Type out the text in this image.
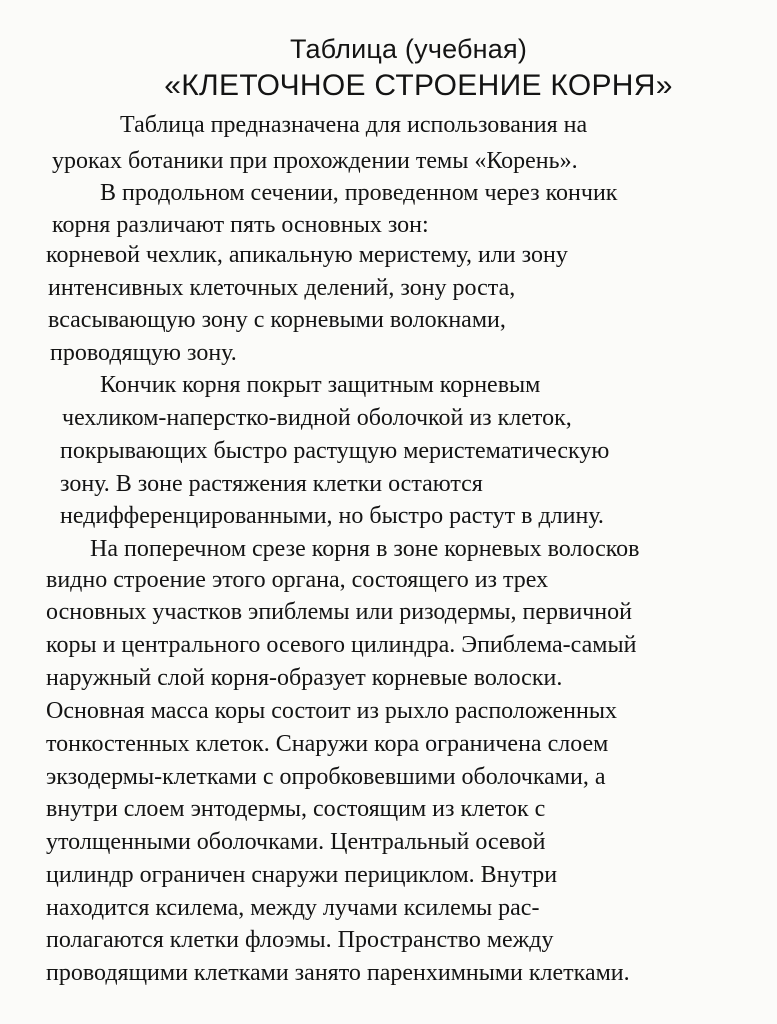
Таблица (учебная)
«КЛЕТОЧНОЕ СТРОЕНИЕ КОРНЯ»
Таблица предназначена для использования на
уроках ботаники при прохождении темы «Корень».
В продольном сечении, проведенном через кончик
корня различают пять основных зон:
корневой чехлик, апикальную меристему, или зону
интенсивных клеточных делений, зону роста,
всасывающую зону с корневыми волокнами,
проводящую зону.
Кончик корня покрыт защитным корневым
чехликом-наперстко-видной оболочкой из клеток,
покрывающих быстро растущую меристематическую
зону. В зоне растяжения клетки остаются
недифференцированными, но быстро растут в длину.
На поперечном срезе корня в зоне корневых волосков
видно строение этого органа, состоящего из трех
основных участков эпиблемы или ризодермы, первичной
коры и центрального осевого цилиндра. Эпиблема-самый
наружный слой корня-образует корневые волоски.
Основная масса коры состоит из рыхло расположенных
тонкостенных клеток. Снаружи кора ограничена слоем
экзодермы-клетками с опробковевшими оболочками, а
внутри слоем энтодермы, состоящим из клеток с
утолщенными оболочками. Центральный осевой
цилиндр ограничен снаружи перициклом. Внутри
находится ксилема, между лучами ксилемы рас-
полагаются клетки флоэмы. Пространство между
проводящими клетками занято паренхимными клетками.
